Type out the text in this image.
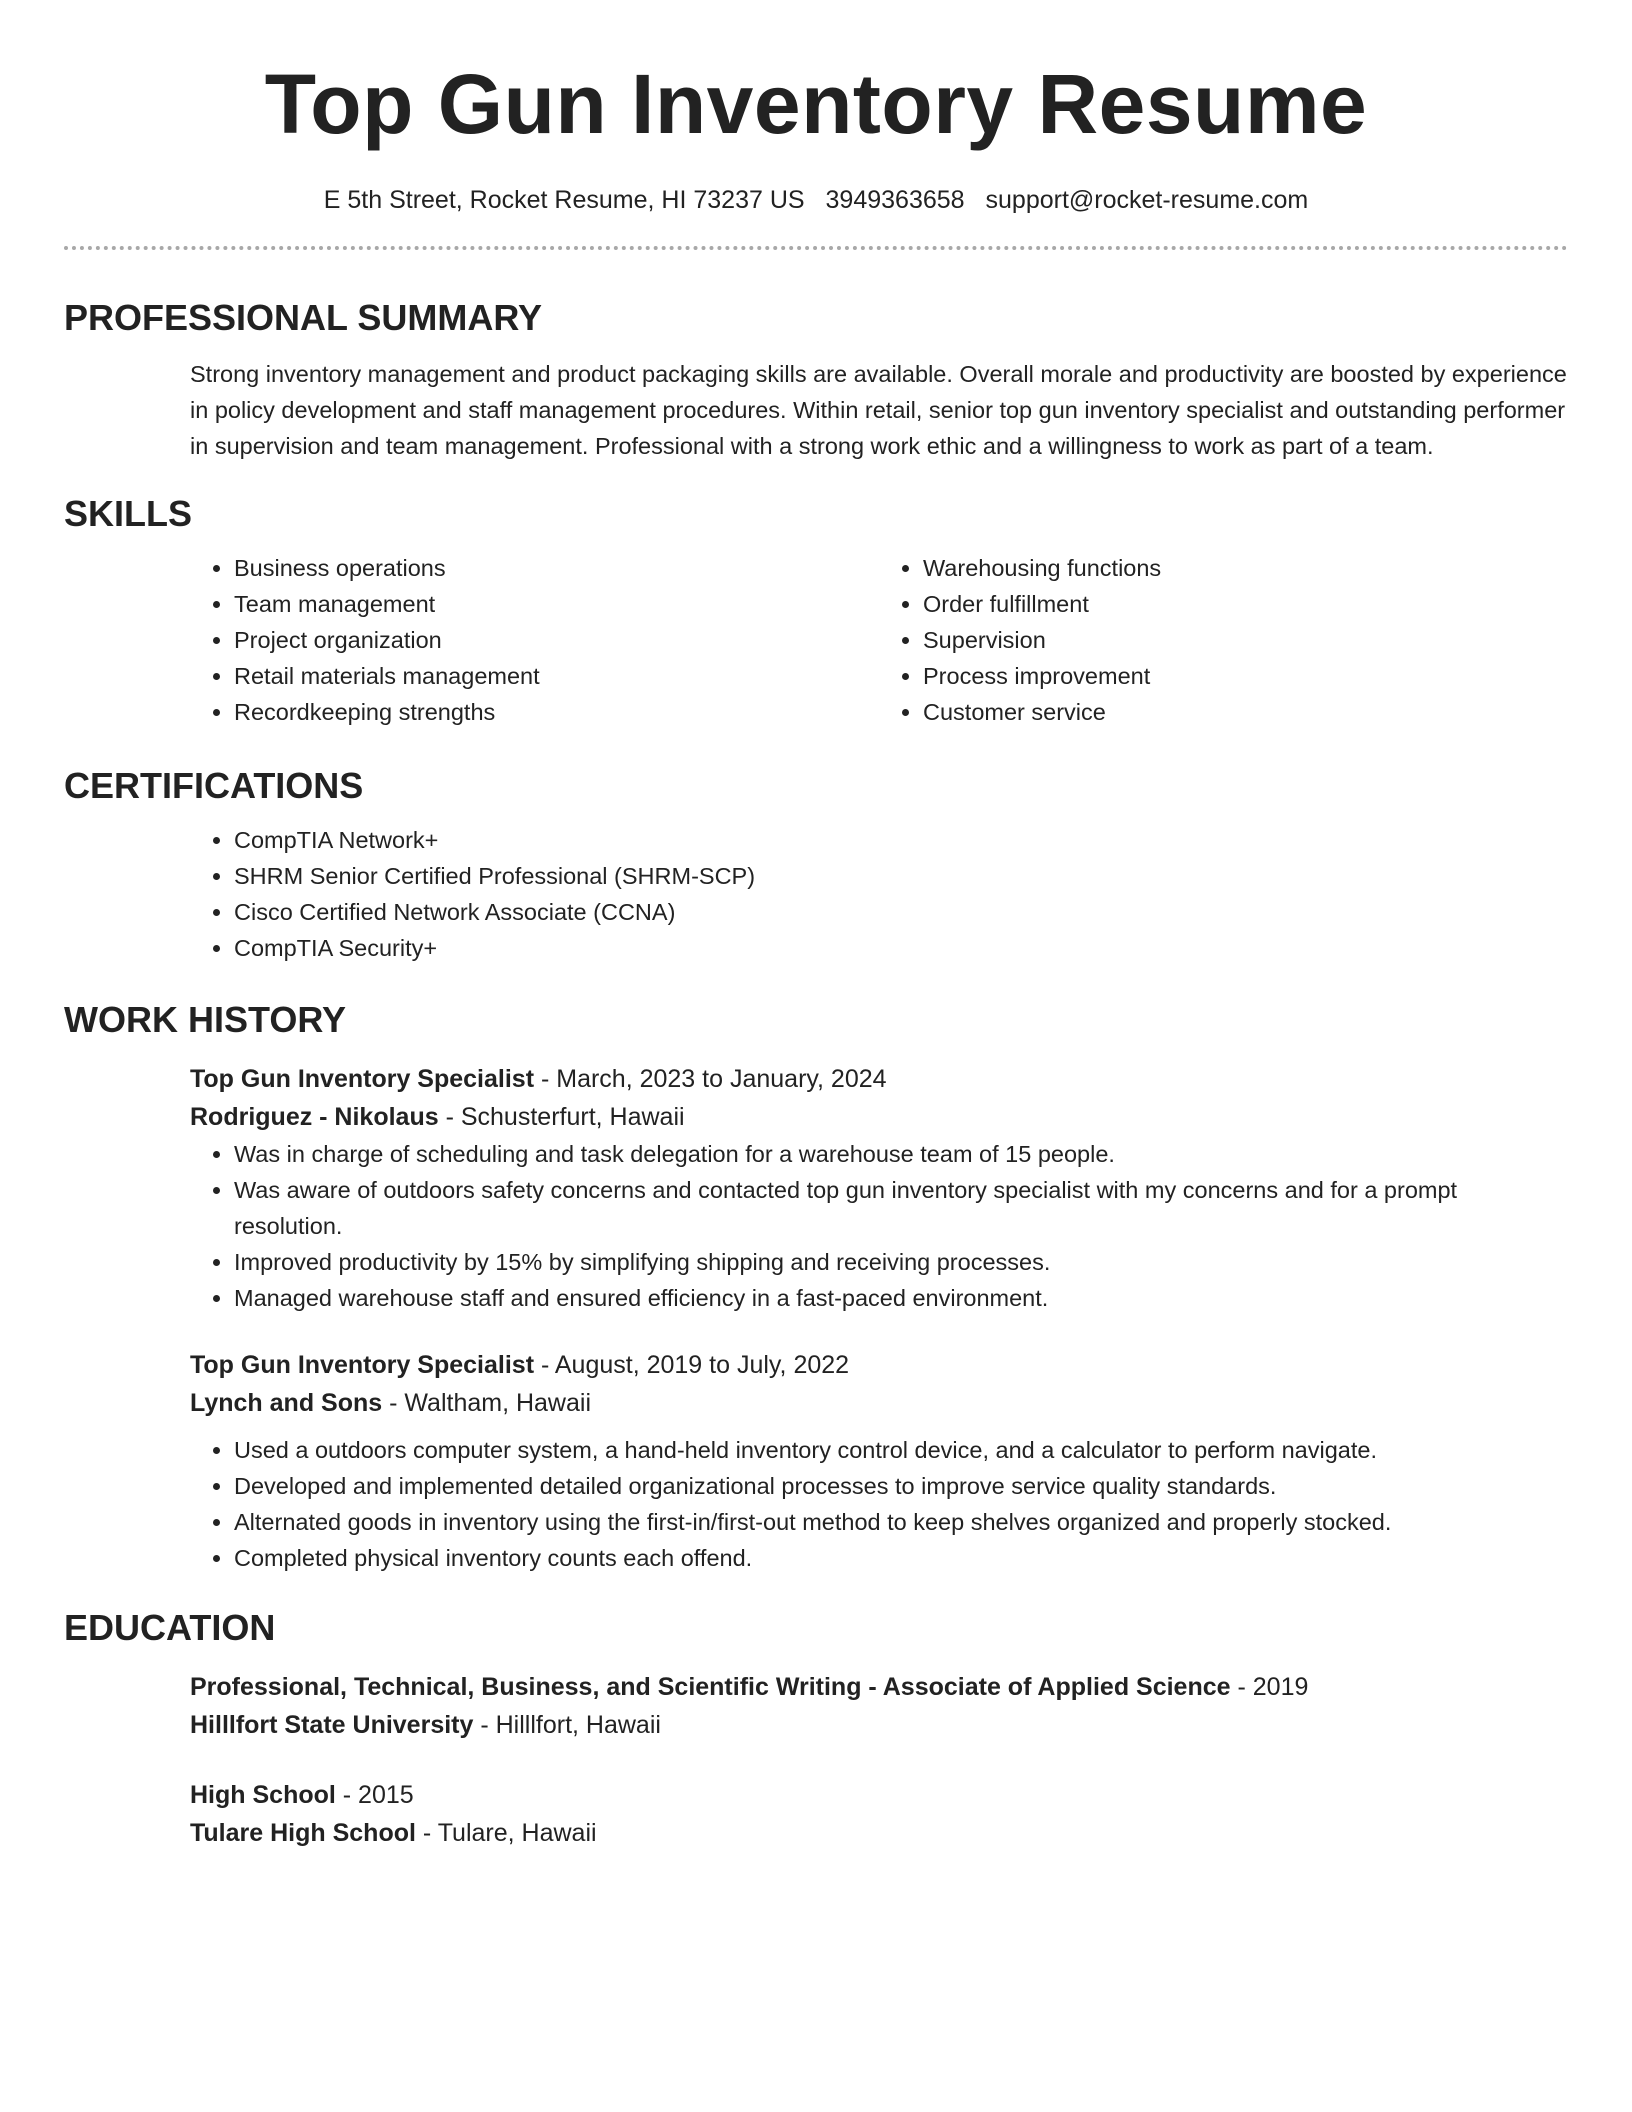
Top Gun Inventory Resume
E 5th Street, Rocket Resume, HI 73237 US 3949363658 support@rocket-resume.com
PROFESSIONAL SUMMARY

Strong inventory management and product packaging skills are available. Overall morale and productivity are boosted by experience in policy development and staff management procedures. Within retail, senior top gun inventory specialist and outstanding performer in supervision and team management. Professional with a strong work ethic and a willingness to work as part of a team.

SKILLS
• Business operations
• Team management
• Project organization
• Retail materials management
• Recordkeeping strengths
• Warehousing functions
• Order fulfillment
• Supervision
• Process improvement
• Customer service
CERTIFICATIONS
• CompTIA Network+
• SHRM Senior Certified Professional (SHRM-SCP)
• Cisco Certified Network Associate (CCNA)
• CompTIA Security+
WORK HISTORY
Top Gun Inventory Specialist - March, 2023 to January, 2024
Rodriguez - Nikolaus - Schusterfurt, Hawaii
• Was in charge of scheduling and task delegation for a warehouse team of 15 people.
• Was aware of outdoors safety concerns and contacted top gun inventory specialist with my concerns and for a prompt resolution.
• Improved productivity by 15% by simplifying shipping and receiving processes.
• Managed warehouse staff and ensured efficiency in a fast-paced environment.
Top Gun Inventory Specialist - August, 2019 to July, 2022
Lynch and Sons - Waltham, Hawaii
• Used a outdoors computer system, a hand-held inventory control device, and a calculator to perform navigate.
• Developed and implemented detailed organizational processes to improve service quality standards.
• Alternated goods in inventory using the first-in/first-out method to keep shelves organized and properly stocked.
• Completed physical inventory counts each offend.
EDUCATION
Professional, Technical, Business, and Scientific Writing - Associate of Applied Science - 2019
Hilllfort State University - Hilllfort, Hawaii
High School - 2015
Tulare High School - Tulare, Hawaii
